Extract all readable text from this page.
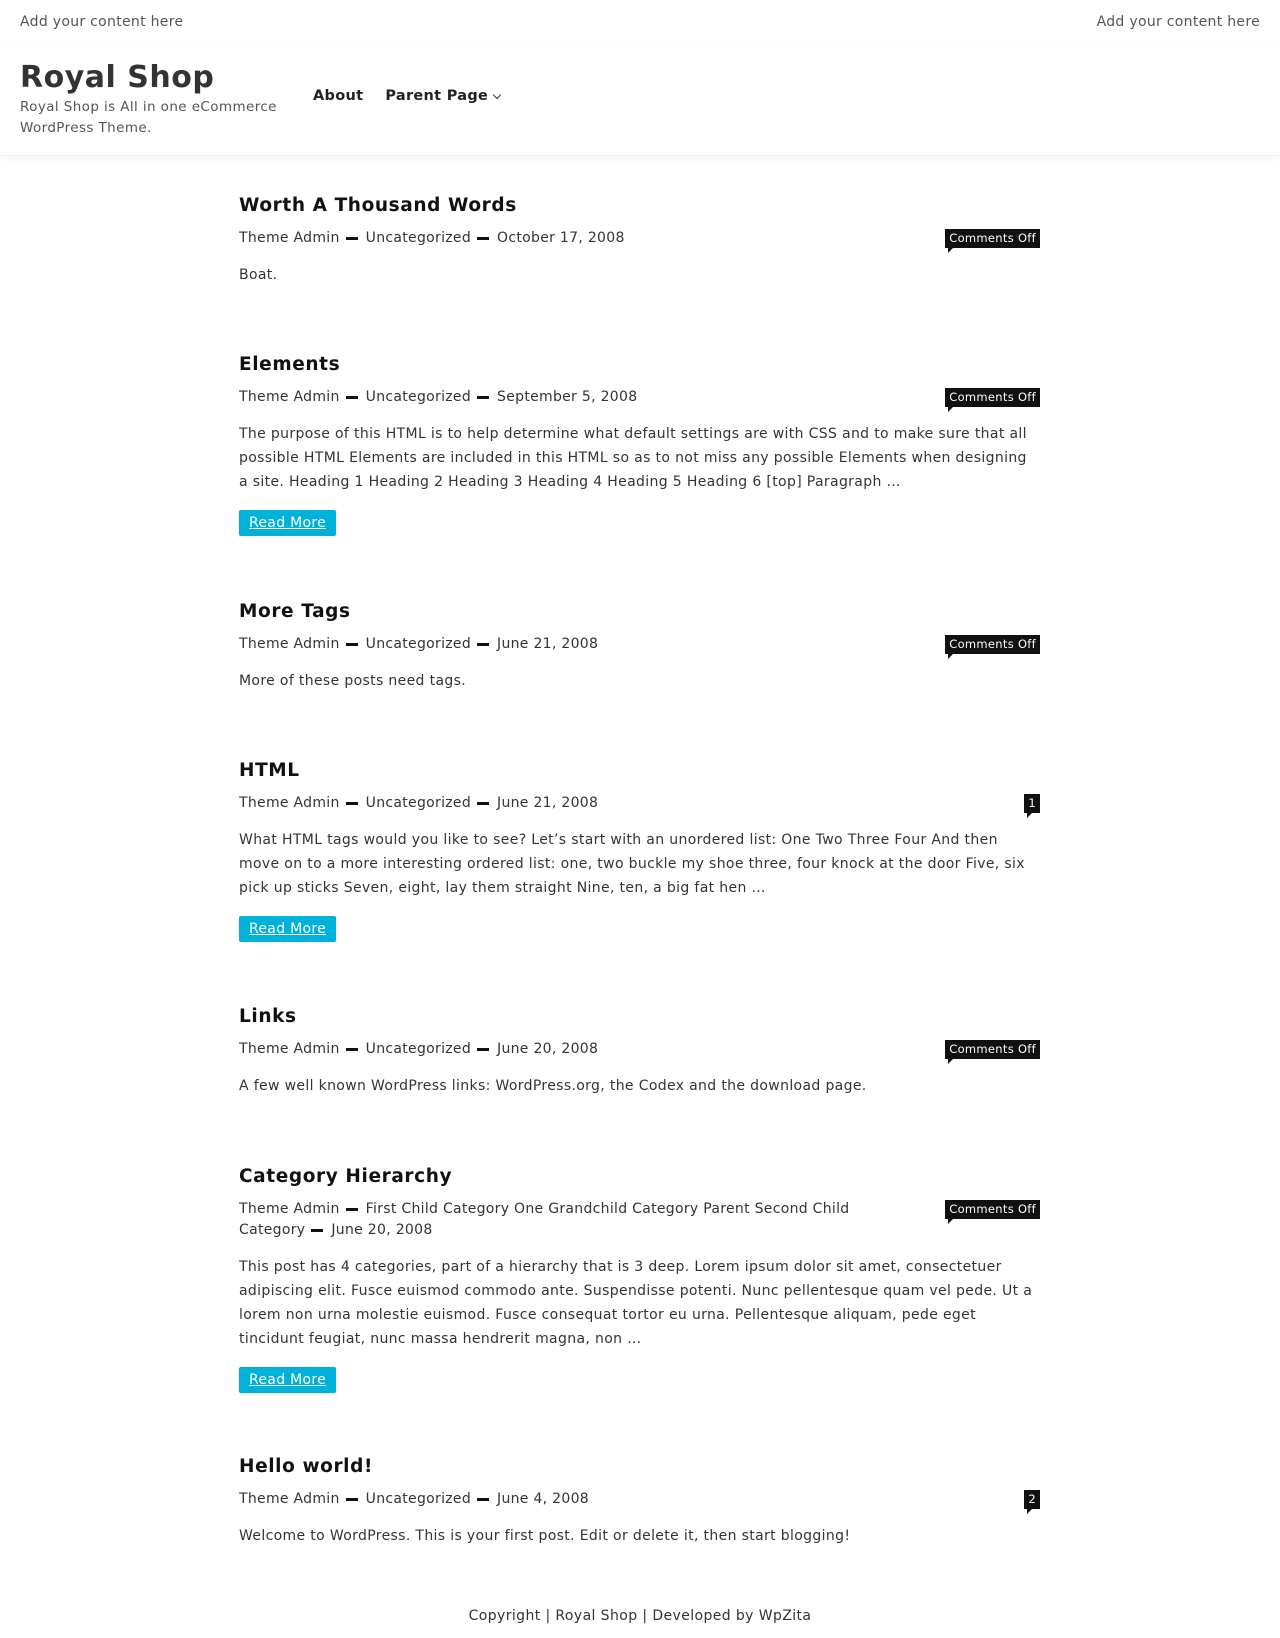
Add your content here	Add your content here
Royal Shop
Royal Shop is All in one eCommerce WordPress Theme.
About Parent Page
Worth A Thousand Words
Theme Admin Uncategorized October 17, 2008	Comments Off

Boat.

Elements
Theme Admin Uncategorized September 5, 2008	Comments Off

The purpose of this HTML is to help determine what default settings are with CSS and to make sure that all possible HTML Elements are included in this HTML so as to not miss any possible Elements when designing a site. Heading 1 Heading 2 Heading 3 Heading 4 Heading 5 Heading 6 [top] Paragraph …

Read More
More Tags
Theme Admin Uncategorized June 21, 2008	Comments Off

More of these posts need tags.

HTML
Theme Admin Uncategorized June 21, 2008	1

What HTML tags would you like to see? Let’s start with an unordered list: One Two Three Four And then move on to a more interesting ordered list: one, two buckle my shoe three, four knock at the door Five, six pick up sticks Seven, eight, lay them straight Nine, ten, a big fat hen …

Read More
Links
Theme Admin Uncategorized June 20, 2008	Comments Off

A few well known WordPress links: WordPress.org, the Codex and the download page.

Category Hierarchy
Theme Admin First Child Category One Grandchild Category Parent Second Child Category June 20, 2008
Comments Off

This post has 4 categories, part of a hierarchy that is 3 deep. Lorem ipsum dolor sit amet, consectetuer adipiscing elit. Fusce euismod commodo ante. Suspendisse potenti. Nunc pellentesque quam vel pede. Ut a lorem non urna molestie euismod. Fusce consequat tortor eu urna. Pellentesque aliquam, pede eget tincidunt feugiat, nunc massa hendrerit magna, non …

Read More
Hello world!
Theme Admin Uncategorized June 4, 2008	2

Welcome to WordPress. This is your first post. Edit or delete it, then start blogging!

Copyright | Royal Shop | Developed by WpZita
